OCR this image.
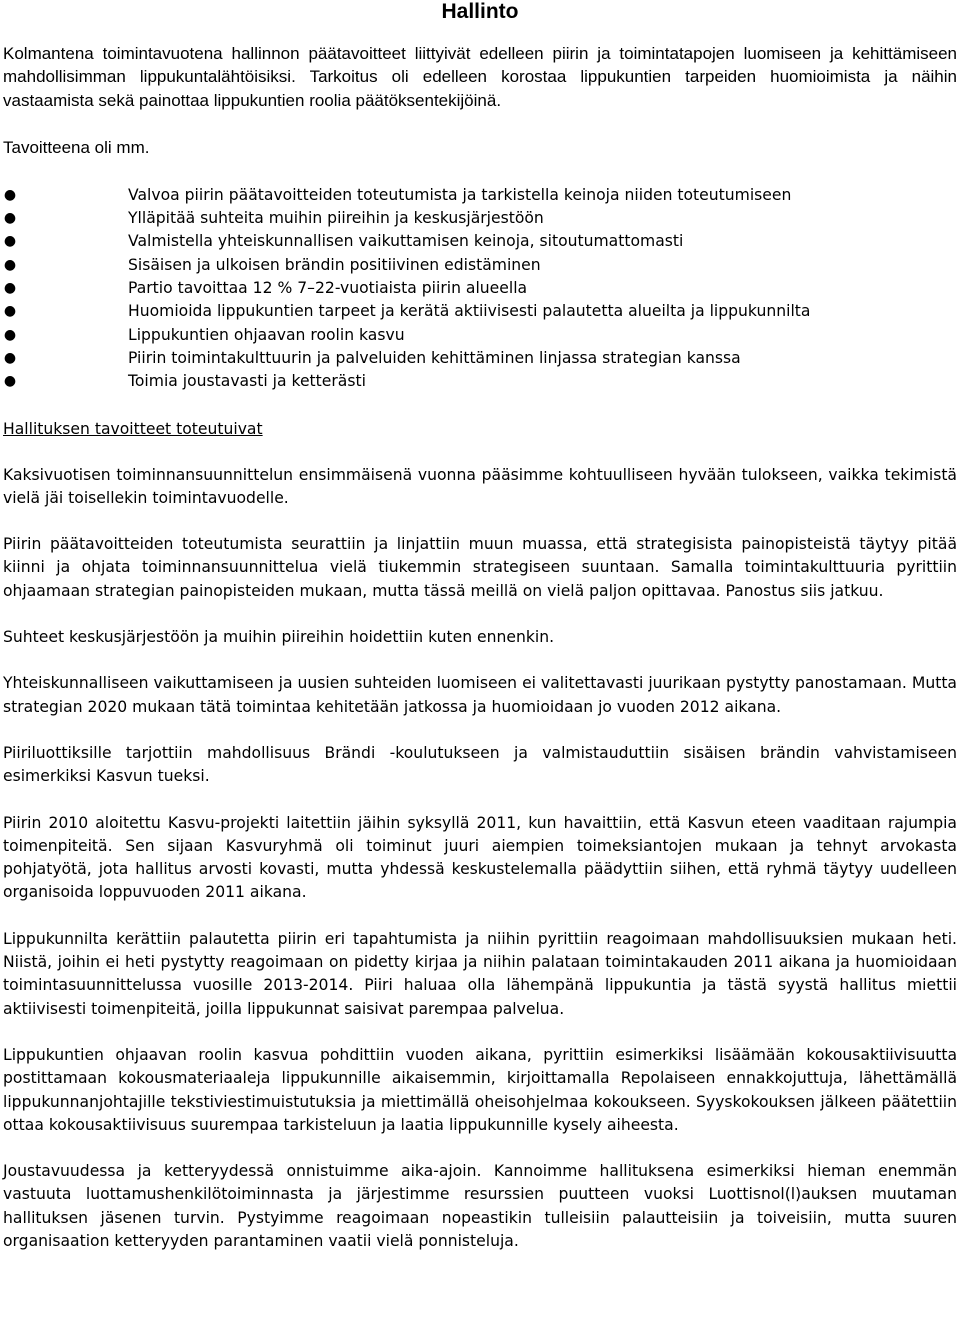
Hallinto

Kolmantena toimintavuotena hallinnon päätavoitteet liittyivät edelleen piirin ja toimintatapojen luomiseen ja kehittämiseen mahdollisimman lippukuntalähtöisiksi. Tarkoitus oli edelleen korostaa lippukuntien tarpeiden huomioimista ja näihin vastaamista sekä painottaa lippukuntien roolia päätöksentekijöinä.

Tavoitteena oli mm.

●	Valvoa piirin päätavoitteiden toteutumista ja tarkistella keinoja niiden toteutumiseen
●	Ylläpitää suhteita muihin piireihin ja keskusjärjestöön
●	Valmistella yhteiskunnallisen vaikuttamisen keinoja, sitoutumattomasti
●	Sisäisen ja ulkoisen brändin positiivinen edistäminen
●	Partio tavoittaa 12 % 7–22-vuotiaista piirin alueella
●	Huomioida lippukuntien tarpeet ja kerätä aktiivisesti palautetta alueilta ja lippukunnilta
●	Lippukuntien ohjaavan roolin kasvu
●	Piirin toimintakulttuurin ja palveluiden kehittäminen linjassa strategian kanssa
●	Toimia joustavasti ja ketterästi

Hallituksen tavoitteet toteutuivat

Kaksivuotisen toiminnansuunnittelun ensimmäisenä vuonna pääsimme kohtuulliseen hyvään tulokseen, vaikka tekimistä vielä jäi toisellekin toimintavuodelle.

Piirin päätavoitteiden toteutumista seurattiin ja linjattiin muun muassa, että strategisista painopisteistä täytyy pitää kiinni ja ohjata toiminnansuunnittelua vielä tiukemmin strategiseen suuntaan. Samalla toimintakulttuuria pyrittiin ohjaamaan strategian painopisteiden mukaan, mutta tässä meillä on vielä paljon opittavaa. Panostus siis jatkuu.

Suhteet keskusjärjestöön ja muihin piireihin hoidettiin kuten ennenkin.

Yhteiskunnalliseen vaikuttamiseen ja uusien suhteiden luomiseen ei valitettavasti juurikaan pystytty panostamaan. Mutta strategian 2020 mukaan tätä toimintaa kehitetään jatkossa ja huomioidaan jo vuoden 2012 aikana.

Piiriluottiksille tarjottiin mahdollisuus Brändi -koulutukseen ja valmistauduttiin sisäisen brändin vahvistamiseen esimerkiksi Kasvun tueksi.

Piirin 2010 aloitettu Kasvu-projekti laitettiin jäihin syksyllä 2011, kun havaittiin, että Kasvun eteen vaaditaan rajumpia toimenpiteitä. Sen sijaan Kasvuryhmä oli toiminut juuri aiempien toimeksiantojen mukaan ja tehnyt arvokasta pohjatyötä, jota hallitus arvosti kovasti, mutta yhdessä keskustelemalla päädyttiin siihen, että ryhmä täytyy uudelleen organisoida loppuvuoden 2011 aikana.

Lippukunnilta kerättiin palautetta piirin eri tapahtumista ja niihin pyrittiin reagoimaan mahdollisuuksien mukaan heti. Niistä, joihin ei heti pystytty reagoimaan on pidetty kirjaa ja niihin palataan toimintakauden 2011 aikana ja huomioidaan toimintasuunnittelussa vuosille 2013-2014. Piiri haluaa olla lähempänä lippukuntia ja tästä syystä hallitus miettii aktiivisesti toimenpiteitä, joilla lippukunnat saisivat parempaa palvelua.

Lippukuntien ohjaavan roolin kasvua pohdittiin vuoden aikana, pyrittiin esimerkiksi lisäämään kokousaktiivisuutta postittamaan kokousmateriaaleja lippukunnille aikaisemmin, kirjoittamalla Repolaiseen ennakkojuttuja, lähettämällä lippukunnanjohtajille tekstiviestimuistutuksia ja miettimällä oheisohjelmaa kokoukseen. Syyskokouksen jälkeen päätettiin ottaa kokousaktiivisuus suurempaa tarkisteluun ja laatia lippukunnille kysely aiheesta.

Joustavuudessa ja ketteryydessä onnistuimme aika-ajoin. Kannoimme hallituksena esimerkiksi hieman enemmän vastuuta luottamushenkilötoiminnasta ja järjestimme resurssien puutteen vuoksi Luottisnol(l)auksen muutaman hallituksen jäsenen turvin. Pystyimme reagoimaan nopeastikin tulleisiin palautteisiin ja toiveisiin, mutta suuren organisaation ketteryyden parantaminen vaatii vielä ponnisteluja.
